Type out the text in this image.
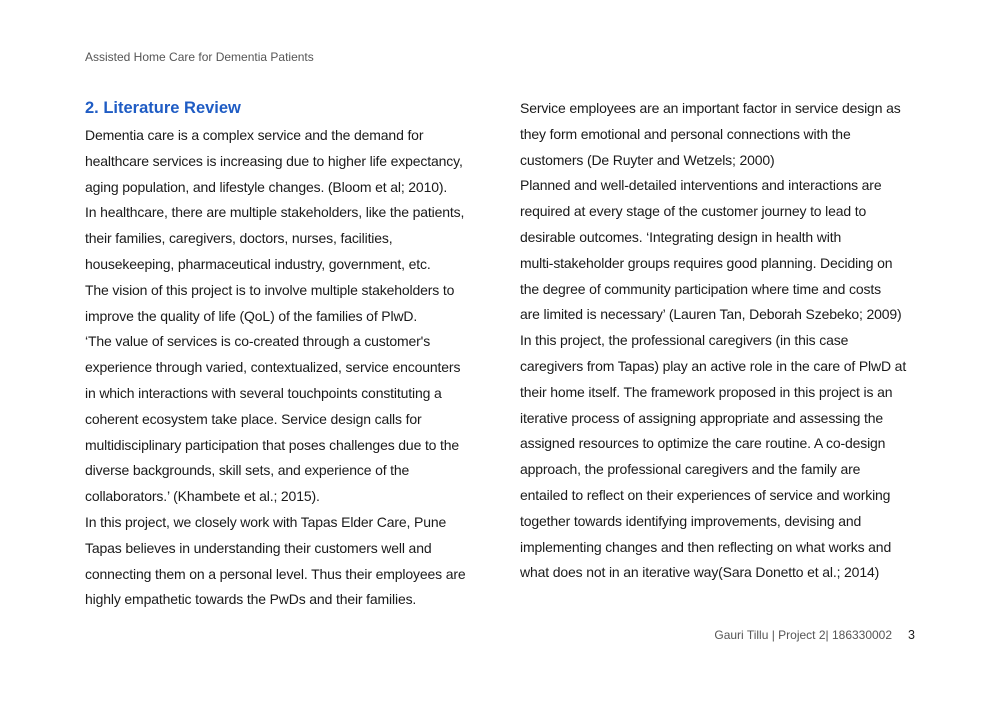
Assisted Home Care for Dementia Patients
2. Literature Review
Dementia care is a complex service and the demand for
healthcare services is increasing due to higher life expectancy,
aging population, and lifestyle changes. (Bloom et al; 2010).
In healthcare, there are multiple stakeholders, like the patients,
their families, caregivers, doctors, nurses, facilities,
housekeeping, pharmaceutical industry, government, etc.
The vision of this project is to involve multiple stakeholders to
improve the quality of life (QoL) of the families of PlwD.
‘The value of services is co-created through a customer's
experience through varied, contextualized, service encounters
in which interactions with several touchpoints constituting a
coherent ecosystem take place. Service design calls for
multidisciplinary participation that poses challenges due to the
diverse backgrounds, skill sets, and experience of the
collaborators.’ (Khambete et al.; 2015).
In this project, we closely work with Tapas Elder Care, Pune
Tapas believes in understanding their customers well and
connecting them on a personal level. Thus their employees are
highly empathetic towards the PwDs and their families.
Service employees are an important factor in service design as
they form emotional and personal connections with the
customers (De Ruyter and Wetzels; 2000)
Planned and well-detailed interventions and interactions are
required at every stage of the customer journey to lead to
desirable outcomes. ‘Integrating design in health with
multi-stakeholder groups requires good planning. Deciding on
the degree of community participation where time and costs
are limited is necessary’ (Lauren Tan, Deborah Szebeko; 2009)
In this project, the professional caregivers (in this case
caregivers from Tapas) play an active role in the care of PlwD at
their home itself. The framework proposed in this project is an
iterative process of assigning appropriate and assessing the
assigned resources to optimize the care routine. A co-design
approach, the professional caregivers and the family are
entailed to reflect on their experiences of service and working
together towards identifying improvements, devising and
implementing changes and then reflecting on what works and
what does not in an iterative way(Sara Donetto et al.; 2014)
Gauri Tillu | Project 2| 186330002 3
